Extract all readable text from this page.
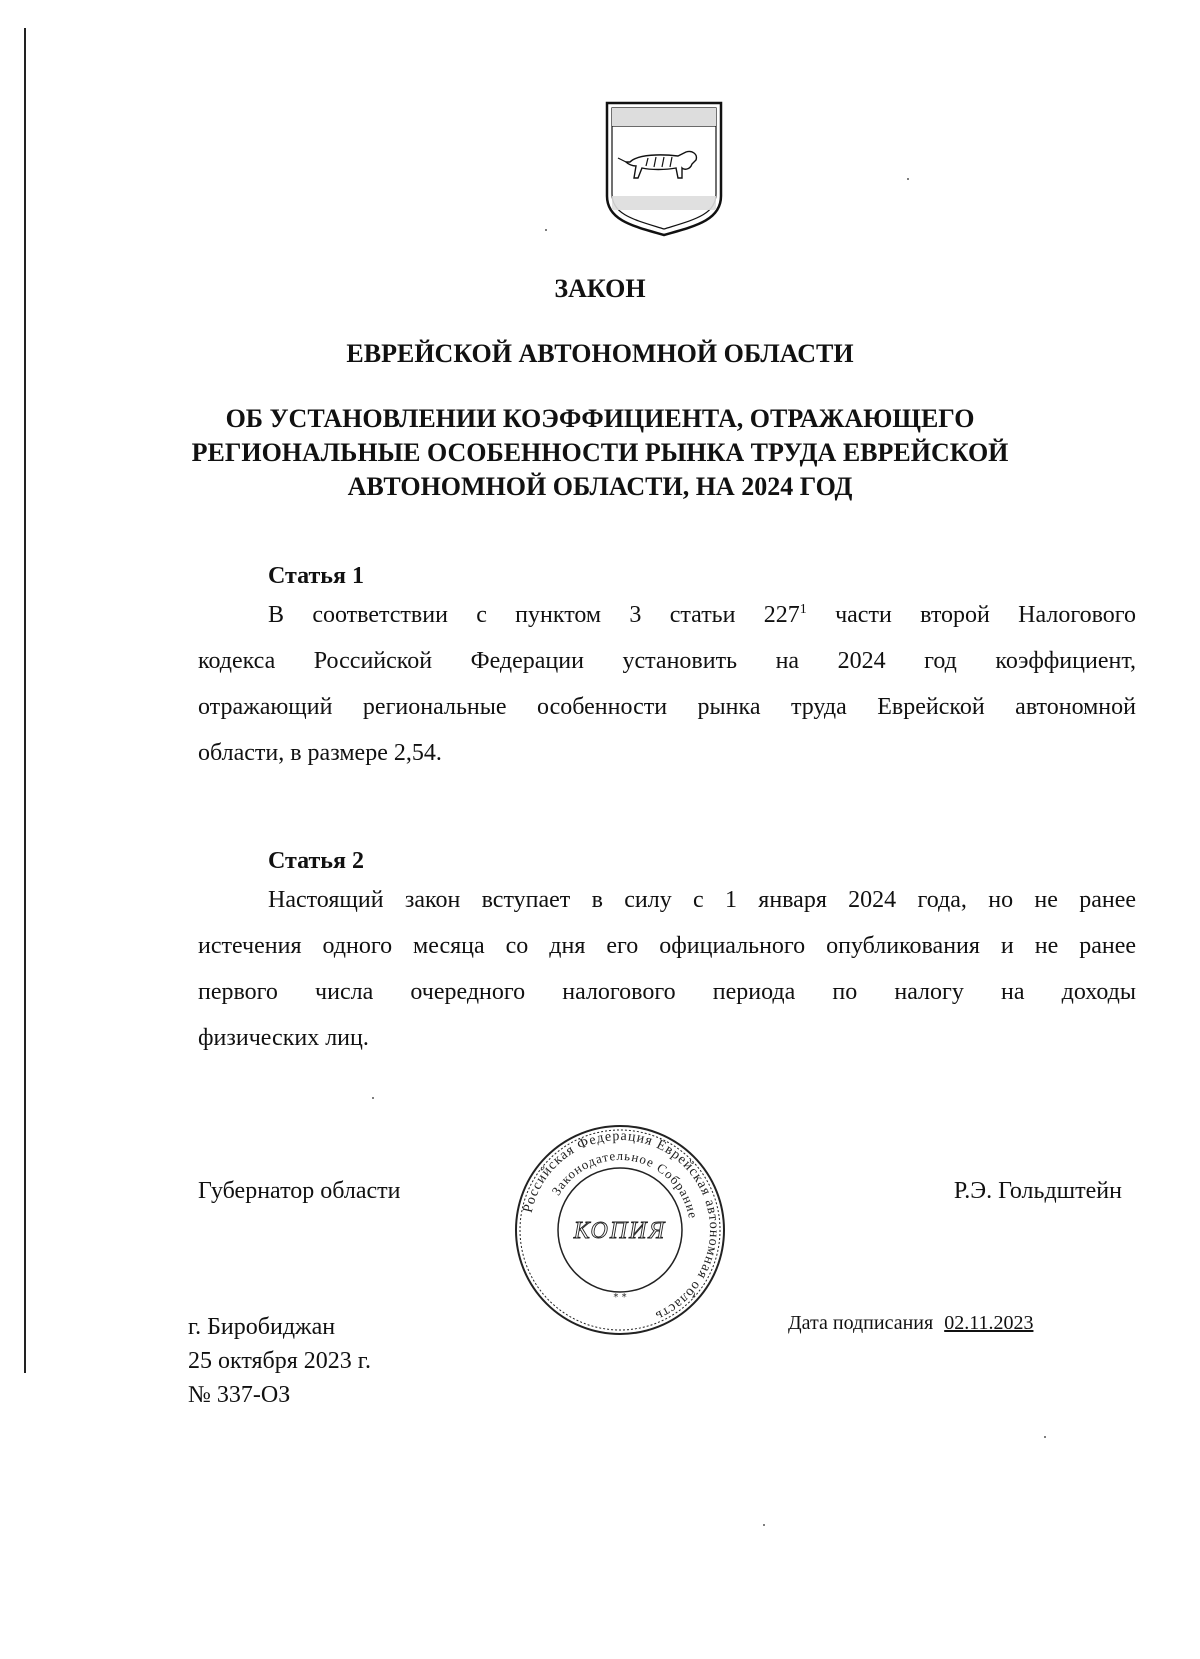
ЗАКОН
ЕВРЕЙСКОЙ АВТОНОМНОЙ ОБЛАСТИ
ОБ УСТАНОВЛЕНИИ КОЭФФИЦИЕНТА, ОТРАЖАЮЩЕГО
РЕГИОНАЛЬНЫЕ ОСОБЕННОСТИ РЫНКА ТРУДА ЕВРЕЙСКОЙ
АВТОНОМНОЙ ОБЛАСТИ, НА 2024 ГОД
Статья 1
В соответствии с пунктом 3 статьи $227^1$ части второй Налогового
кодекса Российской Федерации установить на 2024 год коэффициент,
отражающий региональные особенности рынка труда Еврейской автономной
области, в размере 2,54.
Статья 2
Настоящий закон вступает в силу с 1 января 2024 года, но не ранее
истечения одного месяца со дня его официального опубликования и не ранее
первого числа очередного налогового периода по налогу на доходы
физических лиц.
Губернатор области
Российская Федерация Еврейская автономная область
Законодательное Собрание
КОПИЯ
* *
Р.Э. Гольдштейн
г. Биробиджан
25 октября 2023 г.
№ 337-ОЗ
Дата подписания 02.11.2023
